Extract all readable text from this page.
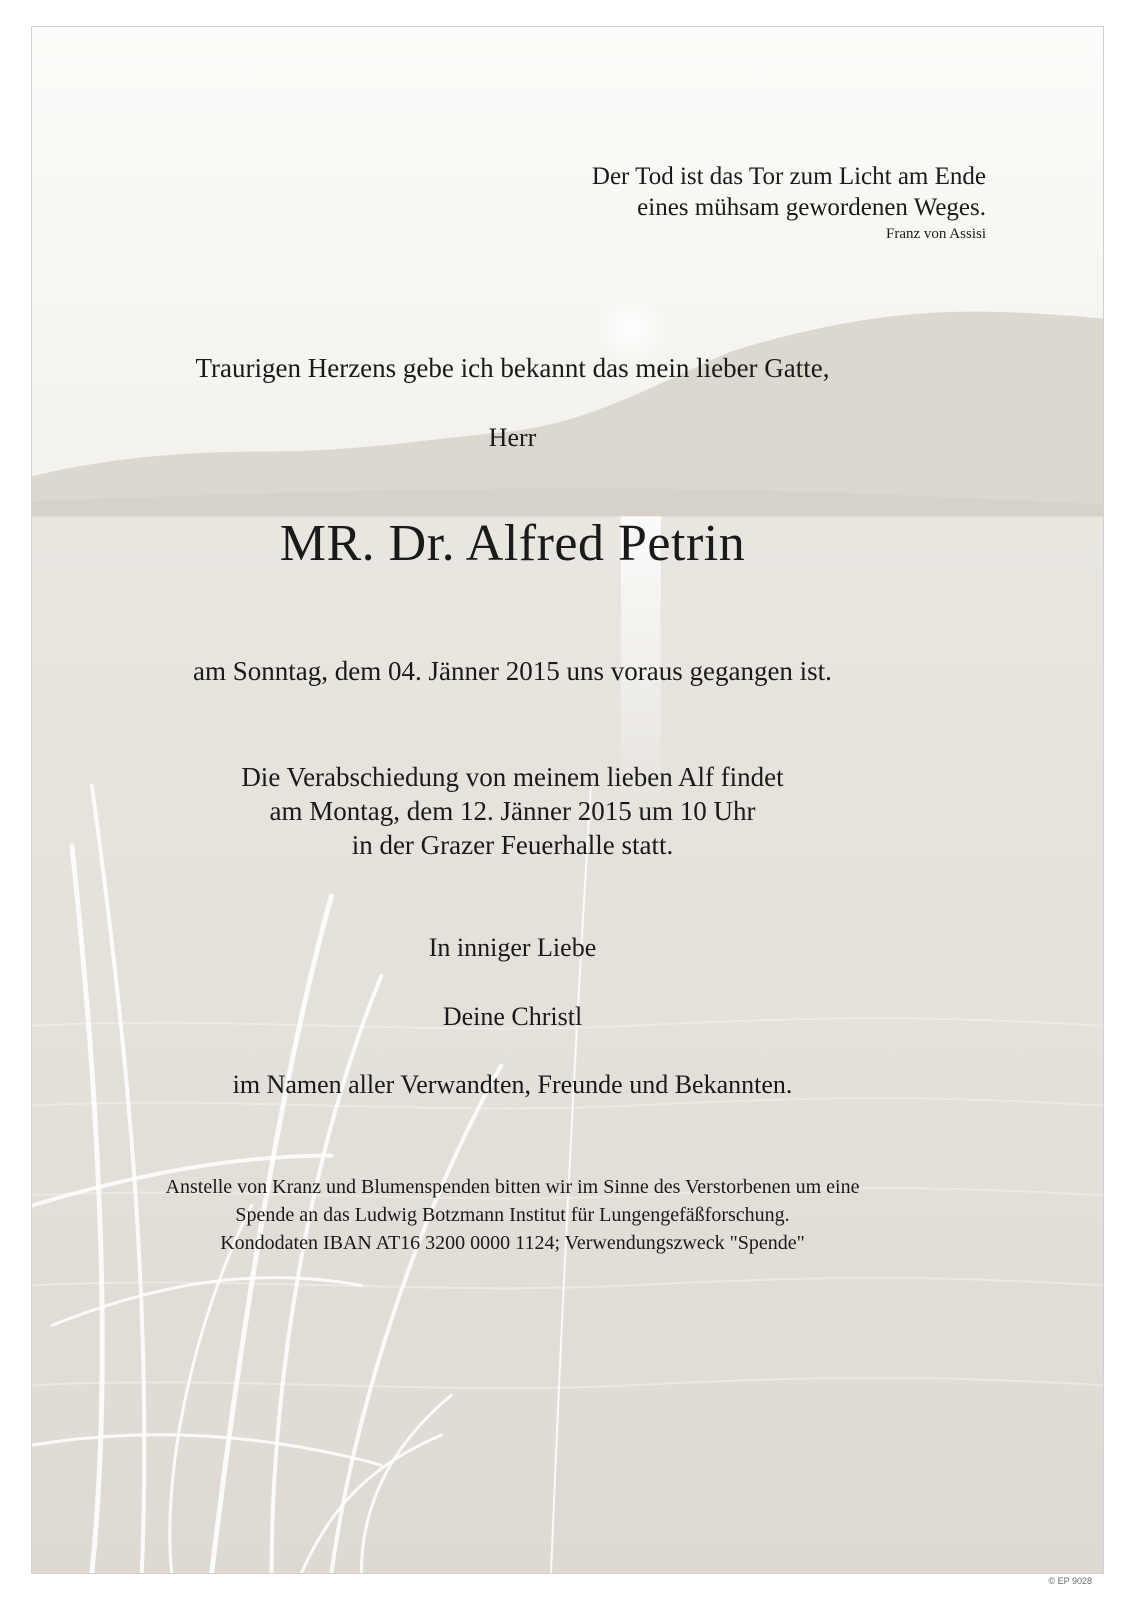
Der Tod ist das Tor zum Licht am Ende
eines mühsam gewordenen Weges.
Franz von Assisi
Traurigen Herzens gebe ich bekannt das mein lieber Gatte,
Herr
MR. Dr. Alfred Petrin
am Sonntag, dem 04. Jänner 2015 uns voraus gegangen ist.
Die Verabschiedung von meinem lieben Alf findet
am Montag, dem 12. Jänner 2015 um 10 Uhr
in der Grazer Feuerhalle statt.
In inniger Liebe
Deine Christl
im Namen aller Verwandten, Freunde und Bekannten.
Anstelle von Kranz und Blumenspenden bitten wir im Sinne des Verstorbenen um eine
Spende an das Ludwig Botzmann Institut für Lungengefäßforschung.
Kondodaten IBAN AT16 3200 0000 1124; Verwendungszweck "Spende"
© EP 9028
